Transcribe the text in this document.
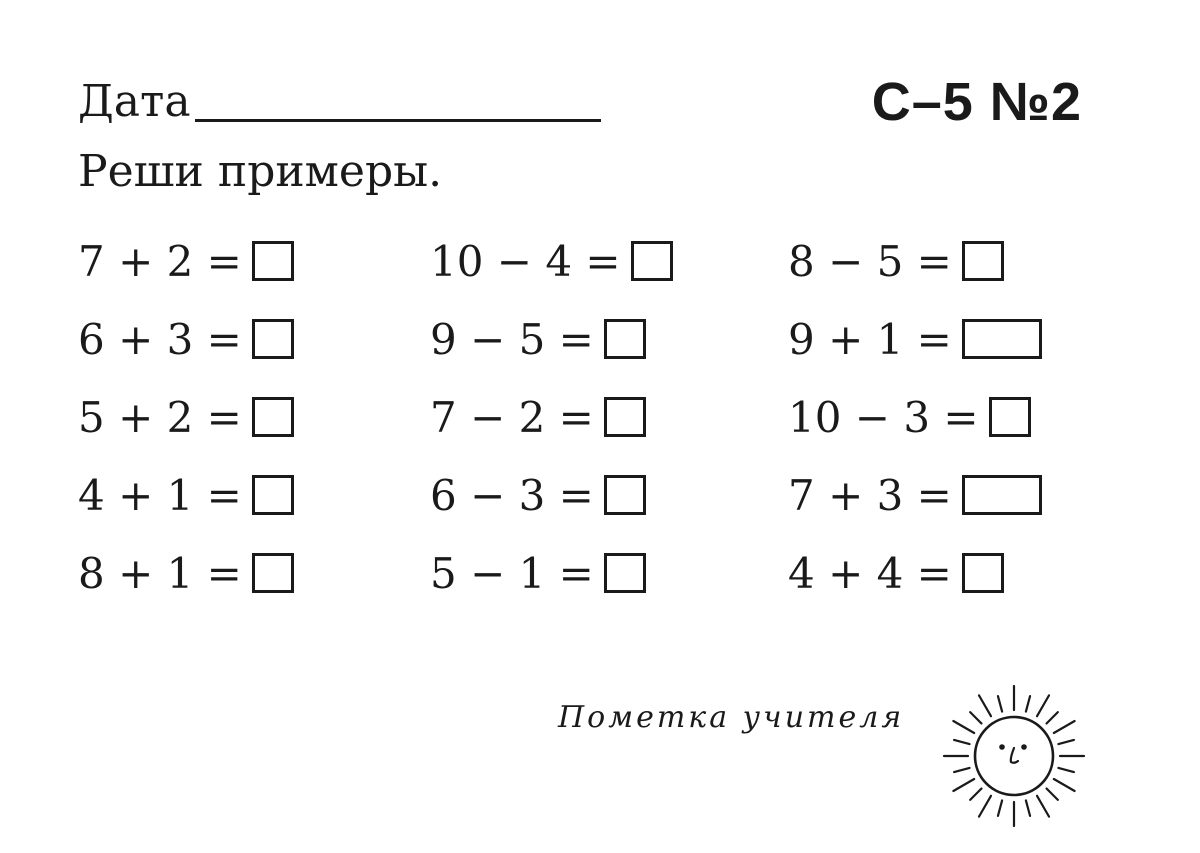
Дата	С–5 №2
Реши примеры.
7 + 2 =
6 + 3 =
5 + 2 =
4 + 1 =
8 + 1 =
10 − 4 =
9 − 5 =
7 − 2 =
6 − 3 =
5 − 1 =
8 − 5 =
9 + 1 =
10 − 3 =
7 + 3 =
4 + 4 =
Пометка учителя
